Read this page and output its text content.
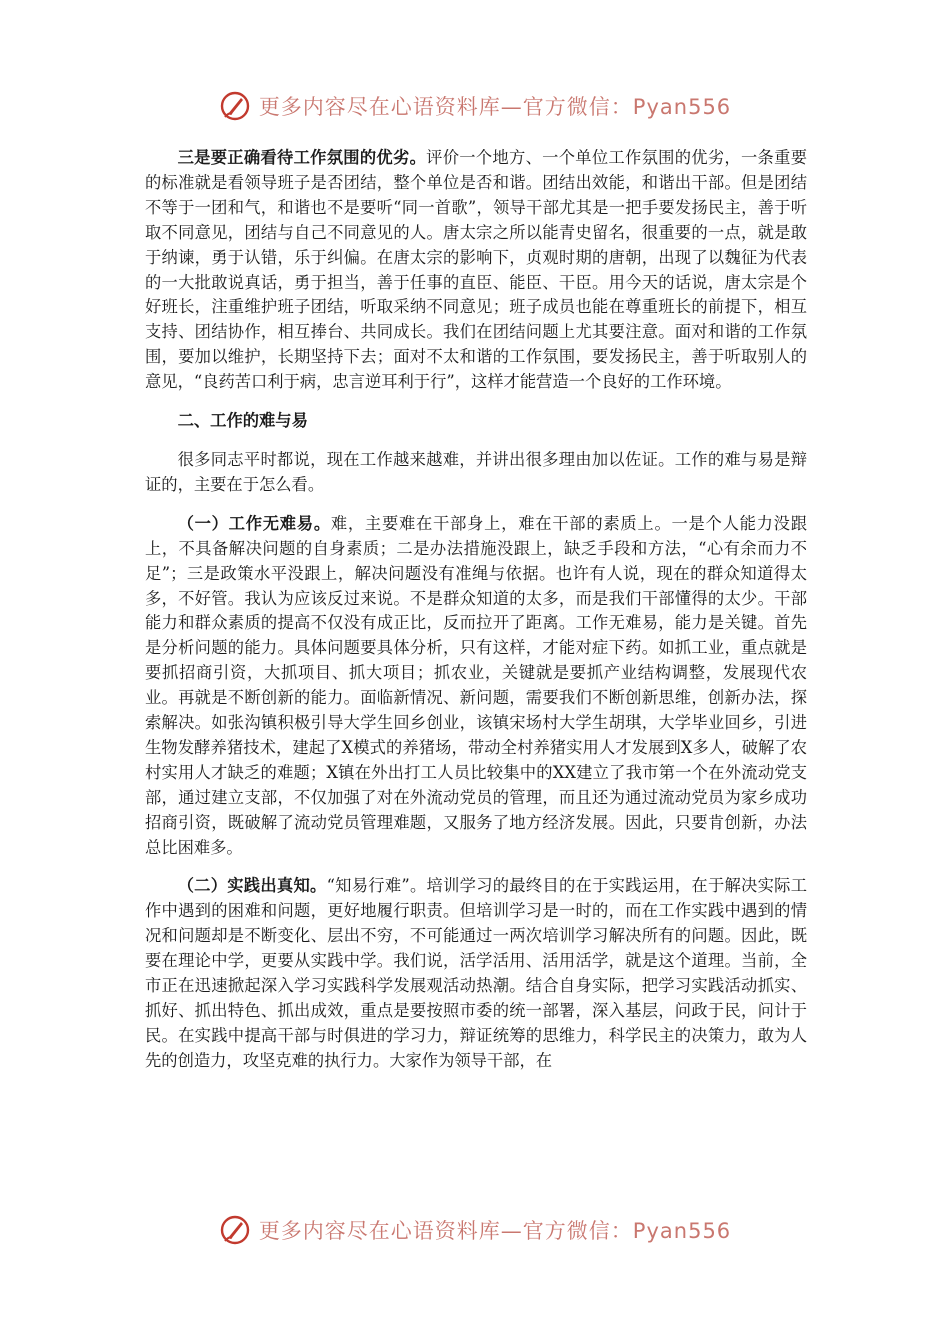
更多内容尽在心语资料库—官方微信：Pyan556

三是要正确看待工作氛围的优劣。评价一个地方、一个单位工作氛围的优劣，一条重要的标准就是看领导班子是否团结，整个单位是否和谐。团结出效能，和谐出干部。但是团结不等于一团和气，和谐也不是要听“同一首歌”，领导干部尤其是一把手要发扬民主，善于听取不同意见，团结与自己不同意见的人。唐太宗之所以能青史留名，很重要的一点，就是敢于纳谏，勇于认错，乐于纠偏。在唐太宗的影响下，贞观时期的唐朝，出现了以魏征为代表的一大批敢说真话，勇于担当，善于任事的直臣、能臣、干臣。用今天的话说，唐太宗是个好班长，注重维护班子团结，听取采纳不同意见；班子成员也能在尊重班长的前提下，相互支持、团结协作，相互捧台、共同成长。我们在团结问题上尤其要注意。面对和谐的工作氛围，要加以维护，长期坚持下去；面对不太和谐的工作氛围，要发扬民主，善于听取别人的意见，“良药苦口利于病，忠言逆耳利于行”，这样才能营造一个良好的工作环境。

二、工作的难与易

很多同志平时都说，现在工作越来越难，并讲出很多理由加以佐证。工作的难与易是辩证的，主要在于怎么看。

（一）工作无难易。难，主要难在干部身上，难在干部的素质上。一是个人能力没跟上，不具备解决问题的自身素质；二是办法措施没跟上，缺乏手段和方法，“心有余而力不足”；三是政策水平没跟上，解决问题没有准绳与依据。也许有人说，现在的群众知道得太多，不好管。我认为应该反过来说。不是群众知道的太多，而是我们干部懂得的太少。干部能力和群众素质的提高不仅没有成正比，反而拉开了距离。工作无难易，能力是关键。首先是分析问题的能力。具体问题要具体分析，只有这样，才能对症下药。如抓工业，重点就是要抓招商引资，大抓项目、抓大项目；抓农业，关键就是要抓产业结构调整，发展现代农业。再就是不断创新的能力。面临新情况、新问题，需要我们不断创新思维，创新办法，探索解决。如张沟镇积极引导大学生回乡创业，该镇宋场村大学生胡琪，大学毕业回乡，引进生物发酵养猪技术，建起了X模式的养猪场，带动全村养猪实用人才发展到X多人，破解了农村实用人才缺乏的难题；X镇在外出打工人员比较集中的XX建立了我市第一个在外流动党支部，通过建立支部，不仅加强了对在外流动党员的管理，而且还为通过流动党员为家乡成功招商引资，既破解了流动党员管理难题，又服务了地方经济发展。因此，只要肯创新，办法总比困难多。

（二）实践出真知。“知易行难”。培训学习的最终目的在于实践运用，在于解决实际工作中遇到的困难和问题，更好地履行职责。但培训学习是一时的，而在工作实践中遇到的情况和问题却是不断变化、层出不穷，不可能通过一两次培训学习解决所有的问题。因此，既要在理论中学，更要从实践中学。我们说，活学活用、活用活学，就是这个道理。当前，全市正在迅速掀起深入学习实践科学发展观活动热潮。结合自身实际，把学习实践活动抓实、抓好、抓出特色、抓出成效，重点是要按照市委的统一部署，深入基层，问政于民，问计于民。在实践中提高干部与时俱进的学习力，辩证统筹的思维力，科学民主的决策力，敢为人先的创造力，攻坚克难的执行力。大家作为领导干部，在

更多内容尽在心语资料库—官方微信：Pyan556
